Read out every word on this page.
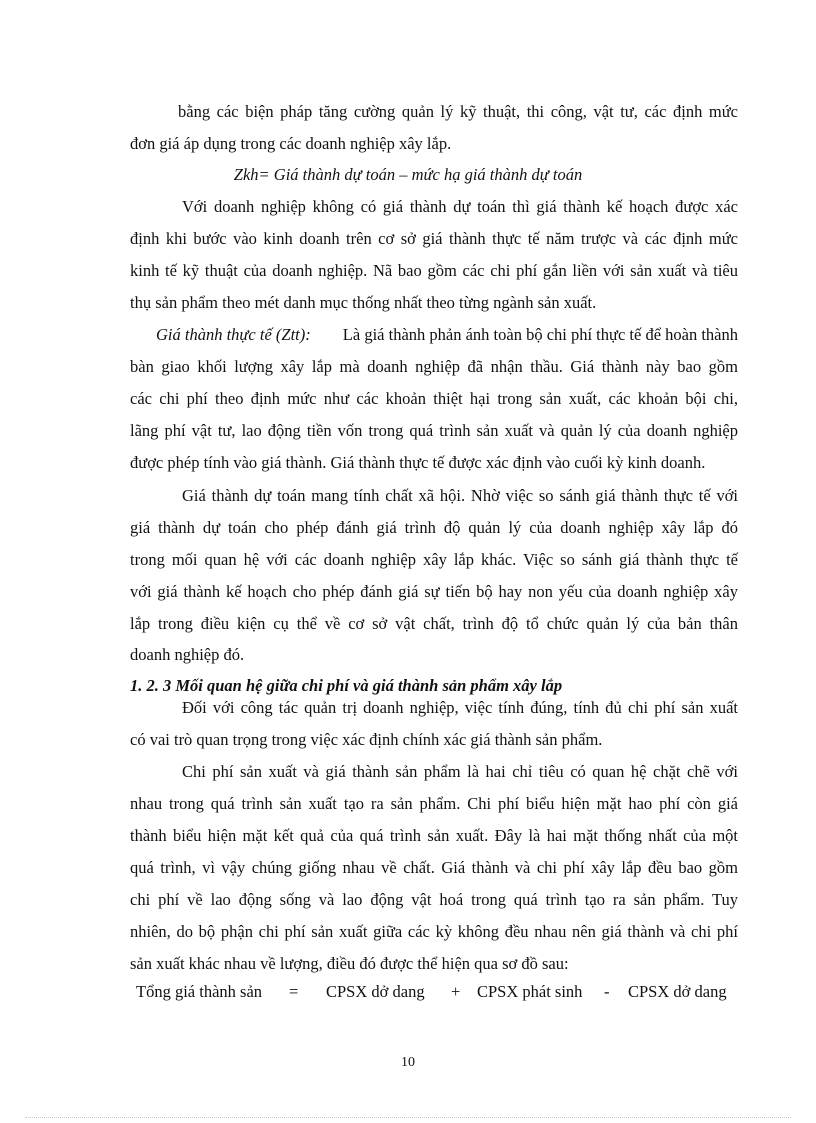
bằng các biện pháp tăng cường quản lý kỹ thuật, thi công, vật tư, các định mức
đơn giá áp dụng trong các doanh nghiệp xây lắp.
Zkh= Giá thành dự toán – mức hạ giá thành dự toán
Với doanh nghiệp không có giá thành dự toán thì giá thành kế hoạch được xác
định khi bước vào kinh doanh trên cơ sở giá thành thực tế năm trược và các định mức
kinh tế kỹ thuật của doanh nghiệp. Nã bao gồm các chi phí gắn liền với sản xuất và tiêu
thụ sản phẩm theo mét danh mục thống nhất theo từng ngành sản xuất.
Giá thành thực tế (Ztt): Là giá thành phản ánh toàn bộ chi phí thực tế để hoàn thành
bàn giao khối lượng xây lắp mà doanh nghiệp đã nhận thầu. Giá thành này bao gồm
các chi phí theo định mức như các khoản thiệt hại trong sản xuất, các khoản bội chi,
lãng phí vật tư, lao động tiền vốn trong quá trình sản xuất và quản lý của doanh nghiệp
được phép tính vào giá thành. Giá thành thực tế được xác định vào cuối kỳ kinh doanh.
Giá thành dự toán mang tính chất xã hội. Nhờ việc so sánh giá thành thực tế với
giá thành dự toán cho phép đánh giá trình độ quản lý của doanh nghiệp xây lắp đó
trong mối quan hệ với các doanh nghiệp xây lắp khác. Việc so sánh giá thành thực tế
với giá thành kế hoạch cho phép đánh giá sự tiến bộ hay non yếu của doanh nghiệp xây
lắp trong điều kiện cụ thể về cơ sở vật chất, trình độ tổ chức quản lý của bản thân
doanh nghiệp đó.
1. 2. 3 Mối quan hệ giữa chi phí và giá thành sản phẩm xây lắp
Đối với công tác quản trị doanh nghiệp, việc tính đúng, tính đủ chi phí sản xuất
có vai trò quan trọng trong việc xác định chính xác giá thành sản phẩm.
Chi phí sản xuất và giá thành sản phẩm là hai chỉ tiêu có quan hệ chặt chẽ với
nhau trong quá trình sản xuất tạo ra sản phẩm. Chi phí biểu hiện mặt hao phí còn giá
thành biểu hiện mặt kết quả của quá trình sản xuất. Đây là hai mặt thống nhất của một
quá trình, vì vậy chúng giống nhau về chất. Giá thành và chi phí xây lắp đều bao gồm
chi phí về lao động sống và lao động vật hoá trong quá trình tạo ra sản phẩm. Tuy
nhiên, do bộ phận chi phí sản xuất giữa các kỳ không đều nhau nên giá thành và chi phí
sản xuất khác nhau về lượng, điều đó được thể hiện qua sơ đồ sau:
Tổng giá thành sản = CPSX dở dang + CPSX phát sinh - CPSX dở dang
10
